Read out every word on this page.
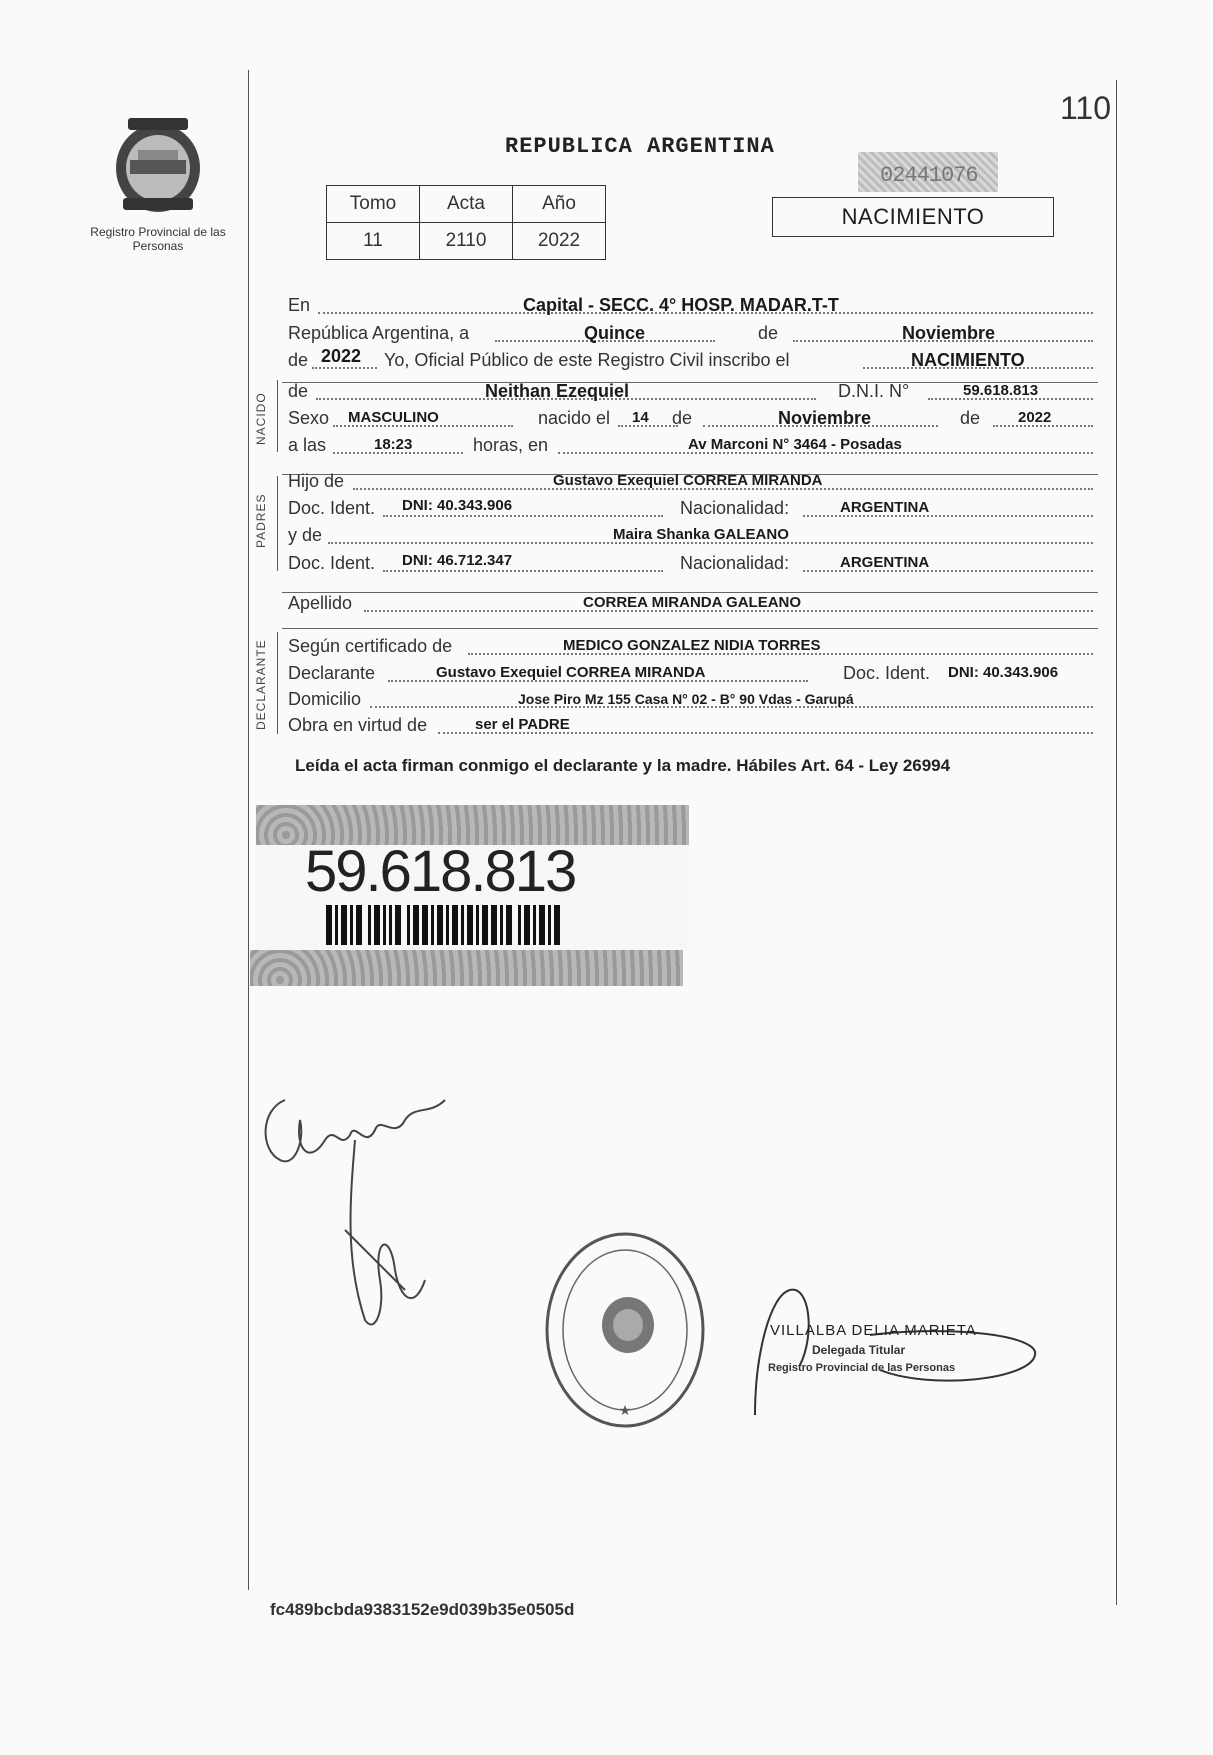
Registro Provincial de las Personas
110
REPUBLICA ARGENTINA
Tomo	Acta	Año
11	2110	2022
02441076
NACIMIENTO
NACIDO
PADRES
DECLARANTE
En	Capital - SECC. 4° HOSP. MADAR.T-T
República Argentina, a	Quince	de	Noviembre
de 2022 Yo, Oficial Público de este Registro Civil inscribo el	NACIMIENTO
de	Neithan Ezequiel	D.N.I. N°	59.618.813
Sexo MASCULINO	nacido el 14 de	Noviembre	de	2022
a las	18:23	horas, en	Av Marconi N° 3464 - Posadas
Hijo de	Gustavo Exequiel CORREA MIRANDA
Doc. Ident. DNI: 40.343.906	Nacionalidad:	ARGENTINA
y de	Maira Shanka GALEANO
Doc. Ident. DNI: 46.712.347	Nacionalidad:	ARGENTINA
Apellido	CORREA MIRANDA GALEANO
Según certificado de	MEDICO GONZALEZ NIDIA TORRES
Declarante	Gustavo Exequiel CORREA MIRANDA	Doc. Ident. DNI: 40.343.906
Domicilio	Jose Piro Mz 155 Casa N° 02 - B° 90 Vdas - Garupá
Obra en virtud de	ser el PADRE
Leída el acta firman conmigo el declarante y la madre. Hábiles Art. 64 - Ley 26994
59.618.813
★
VILLALBA DELIA MARIETA
Delegada Titular
Registro Provincial de las Personas
fc489bcbda9383152e9d039b35e0505d
